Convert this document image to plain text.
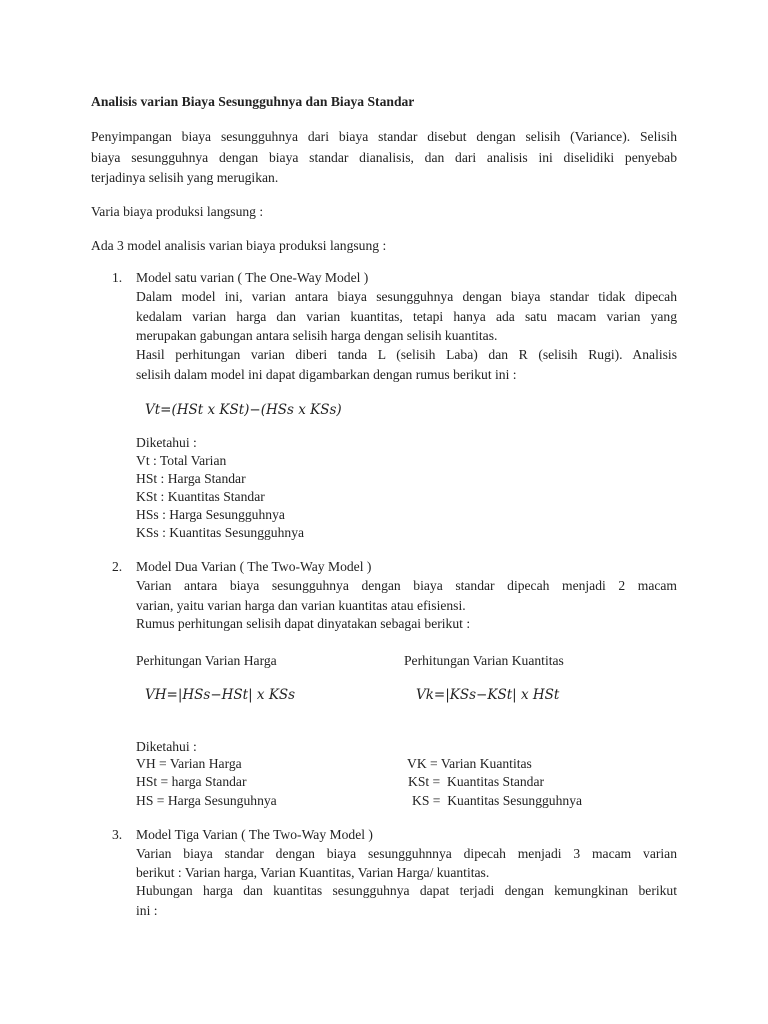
Analisis varian Biaya Sesungguhnya dan Biaya Standar
Penyimpangan biaya sesungguhnya dari biaya standar disebut dengan selisih (Variance). Selisih
biaya sesungguhnya dengan biaya standar dianalisis, dan dari analisis ini diselidiki penyebab
terjadinya selisih yang merugikan.
Varia biaya produksi langsung :
Ada 3 model analisis varian biaya produksi langsung :
1. Model satu varian ( The One-Way Model )
Dalam model ini, varian antara biaya sesungguhnya dengan biaya standar tidak dipecah
kedalam varian harga dan varian kuantitas, tetapi hanya ada satu macam varian yang
merupakan gabungan antara selisih harga dengan selisih kuantitas.
Hasil perhitungan varian diberi tanda L (selisih Laba) dan R (selisih Rugi). Analisis
selisih dalam model ini dapat digambarkan dengan rumus berikut ini :
Vt=(HSt x KSt)−(HSs x KSs)
Diketahui :
Vt : Total Varian
HSt : Harga Standar
KSt : Kuantitas Standar
HSs : Harga Sesungguhnya
KSs : Kuantitas Sesungguhnya
2. Model Dua Varian ( The Two-Way Model )
Varian antara biaya sesungguhnya dengan biaya standar dipecah menjadi 2 macam
varian, yaitu varian harga dan varian kuantitas atau efisiensi.
Rumus perhitungan selisih dapat dinyatakan sebagai berikut :
Perhitungan Varian Harga	Perhitungan Varian Kuantitas
VH=|HSs−HSt| x KSs	Vk=|KSs−KSt| x HSt
Diketahui :
VH = Varian Harga
HSt = harga Standar
HS = Harga Sesunguhnya
VK = Varian Kuantitas
KSt =  Kuantitas Standar
KS =  Kuantitas Sesungguhnya
3. Model Tiga Varian ( The Two-Way Model )
Varian biaya standar dengan biaya sesungguhnnya dipecah menjadi 3 macam varian
berikut : Varian harga, Varian Kuantitas, Varian Harga/ kuantitas.
Hubungan harga dan kuantitas sesungguhnya dapat terjadi dengan kemungkinan berikut
ini :
